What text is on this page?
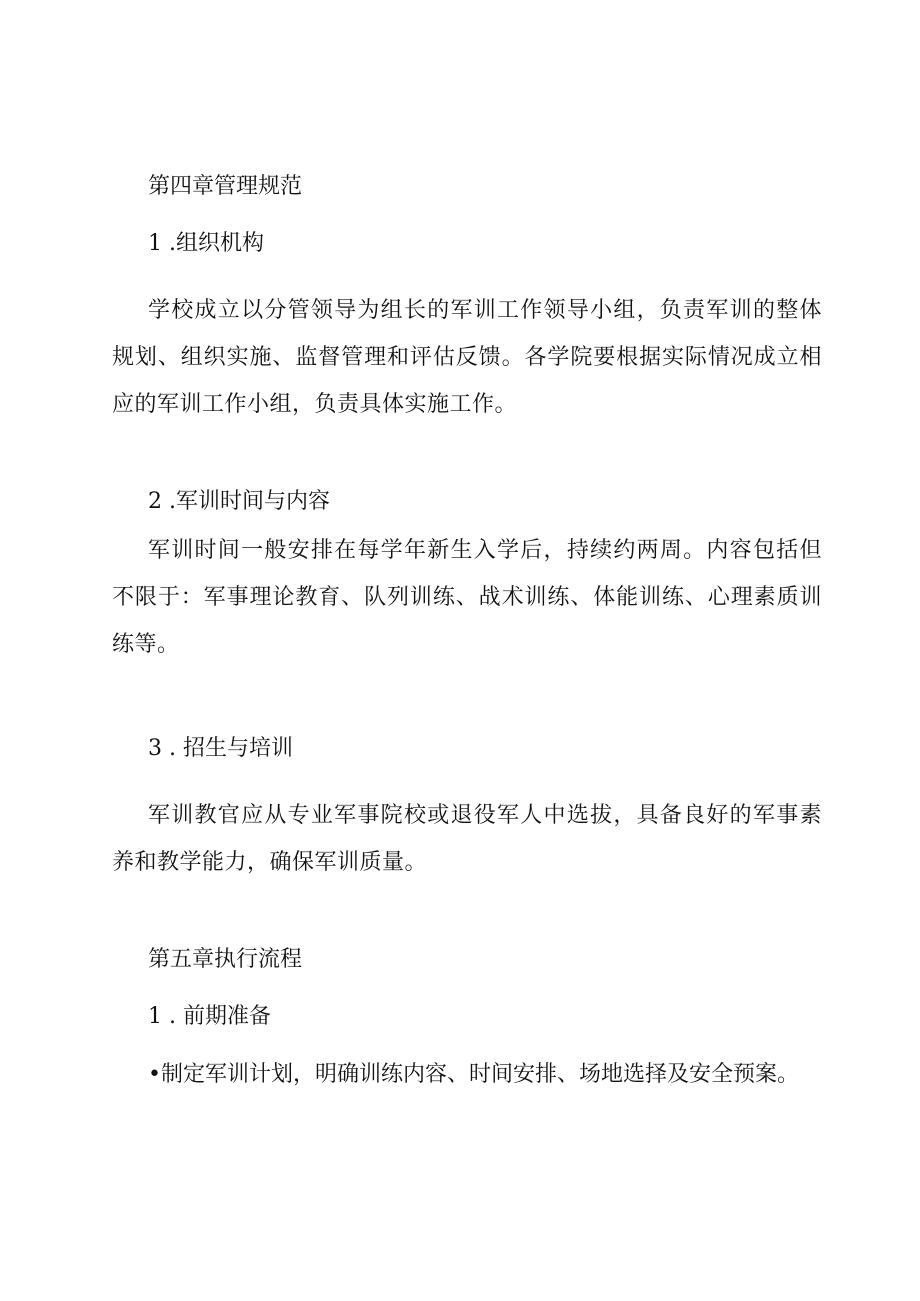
第四章管理规范
1 .组织机构
学校成立以分管领导为组长的军训工作领导小组，负责军训的整体规划、组织实施、监督管理和评估反馈。各学院要根据实际情况成立相应的军训工作小组，负责具体实施工作。
2 .军训时间与内容
军训时间一般安排在每学年新生入学后，持续约两周。内容包括但不限于：军事理论教育、队列训练、战术训练、体能训练、心理素质训练等。
3 . 招生与培训
军训教官应从专业军事院校或退役军人中选拔，具备良好的军事素养和教学能力，确保军训质量。
第五章执行流程
1 . 前期准备
•制定军训计划，明确训练内容、时间安排、场地选择及安全预案。
